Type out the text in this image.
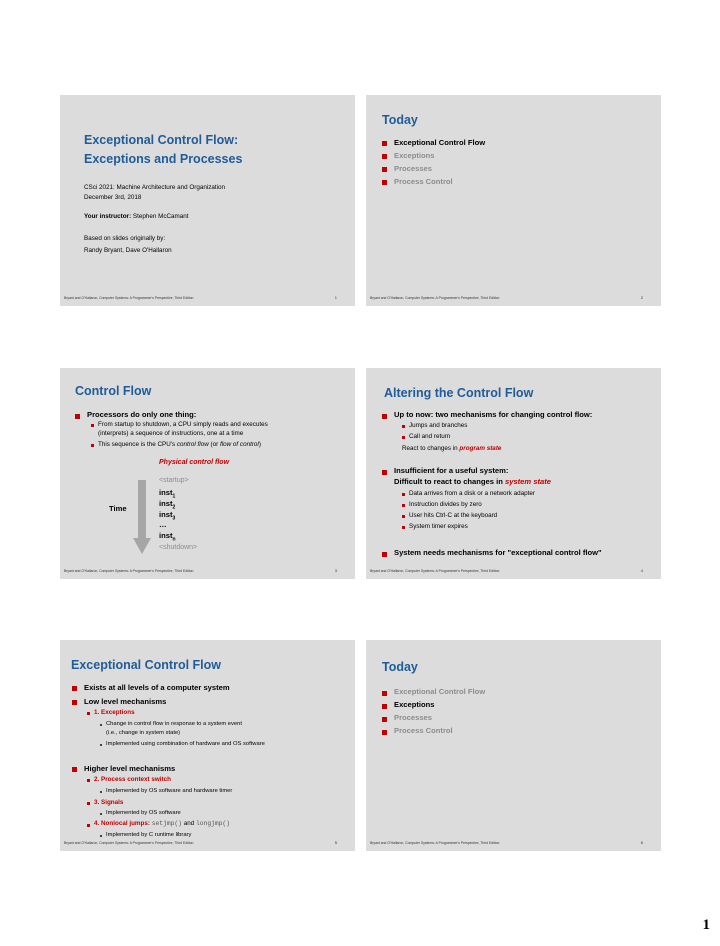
Exceptional Control Flow:
Exceptions and Processes
CSci 2021: Machine Architecture and Organization
December 3rd, 2018
Your instructor: Stephen McCamant
Based on slides originally by:
Randy Bryant, Dave O'Hallaron
Bryant and O'Hallaron, Computer Systems: A Programmer's Perspective, Third Edition	1
Today
Exceptional Control Flow
Exceptions
Processes
Process Control
Bryant and O'Hallaron, Computer Systems: A Programmer's Perspective, Third Edition	2
Control Flow
Processors do only one thing:
From startup to shutdown, a CPU simply reads and executes
(interprets) a sequence of instructions, one at a time
This sequence is the CPU's control flow (or flow of control)
Physical control flow
<startup>
inst$_1$
inst$_2$
inst$_3$
…
inst$_n$
<shutdown>
Time
Bryant and O'Hallaron, Computer Systems: A Programmer's Perspective, Third Edition	3
Altering the Control Flow
Up to now: two mechanisms for changing control flow:
Jumps and branches
Call and return
React to changes in program state
Insufficient for a useful system:
Difficult to react to changes in system state
Data arrives from a disk or a network adapter
Instruction divides by zero
User hits Ctrl-C at the keyboard
System timer expires
System needs mechanisms for "exceptional control flow"
Bryant and O'Hallaron, Computer Systems: A Programmer's Perspective, Third Edition	4
Exceptional Control Flow
Exists at all levels of a computer system
Low level mechanisms
1. Exceptions
Change in control flow in response to a system event
(i.e., change in system state)
Implemented using combination of hardware and OS software
Higher level mechanisms
2. Process context switch
Implemented by OS software and hardware timer
3. Signals
Implemented by OS software
4. Nonlocal jumps: setjmp() and longjmp()
Implemented by C runtime library
Bryant and O'Hallaron, Computer Systems: A Programmer's Perspective, Third Edition	5
Today
Exceptional Control Flow
Exceptions
Processes
Process Control
Bryant and O'Hallaron, Computer Systems: A Programmer's Perspective, Third Edition	6
1
